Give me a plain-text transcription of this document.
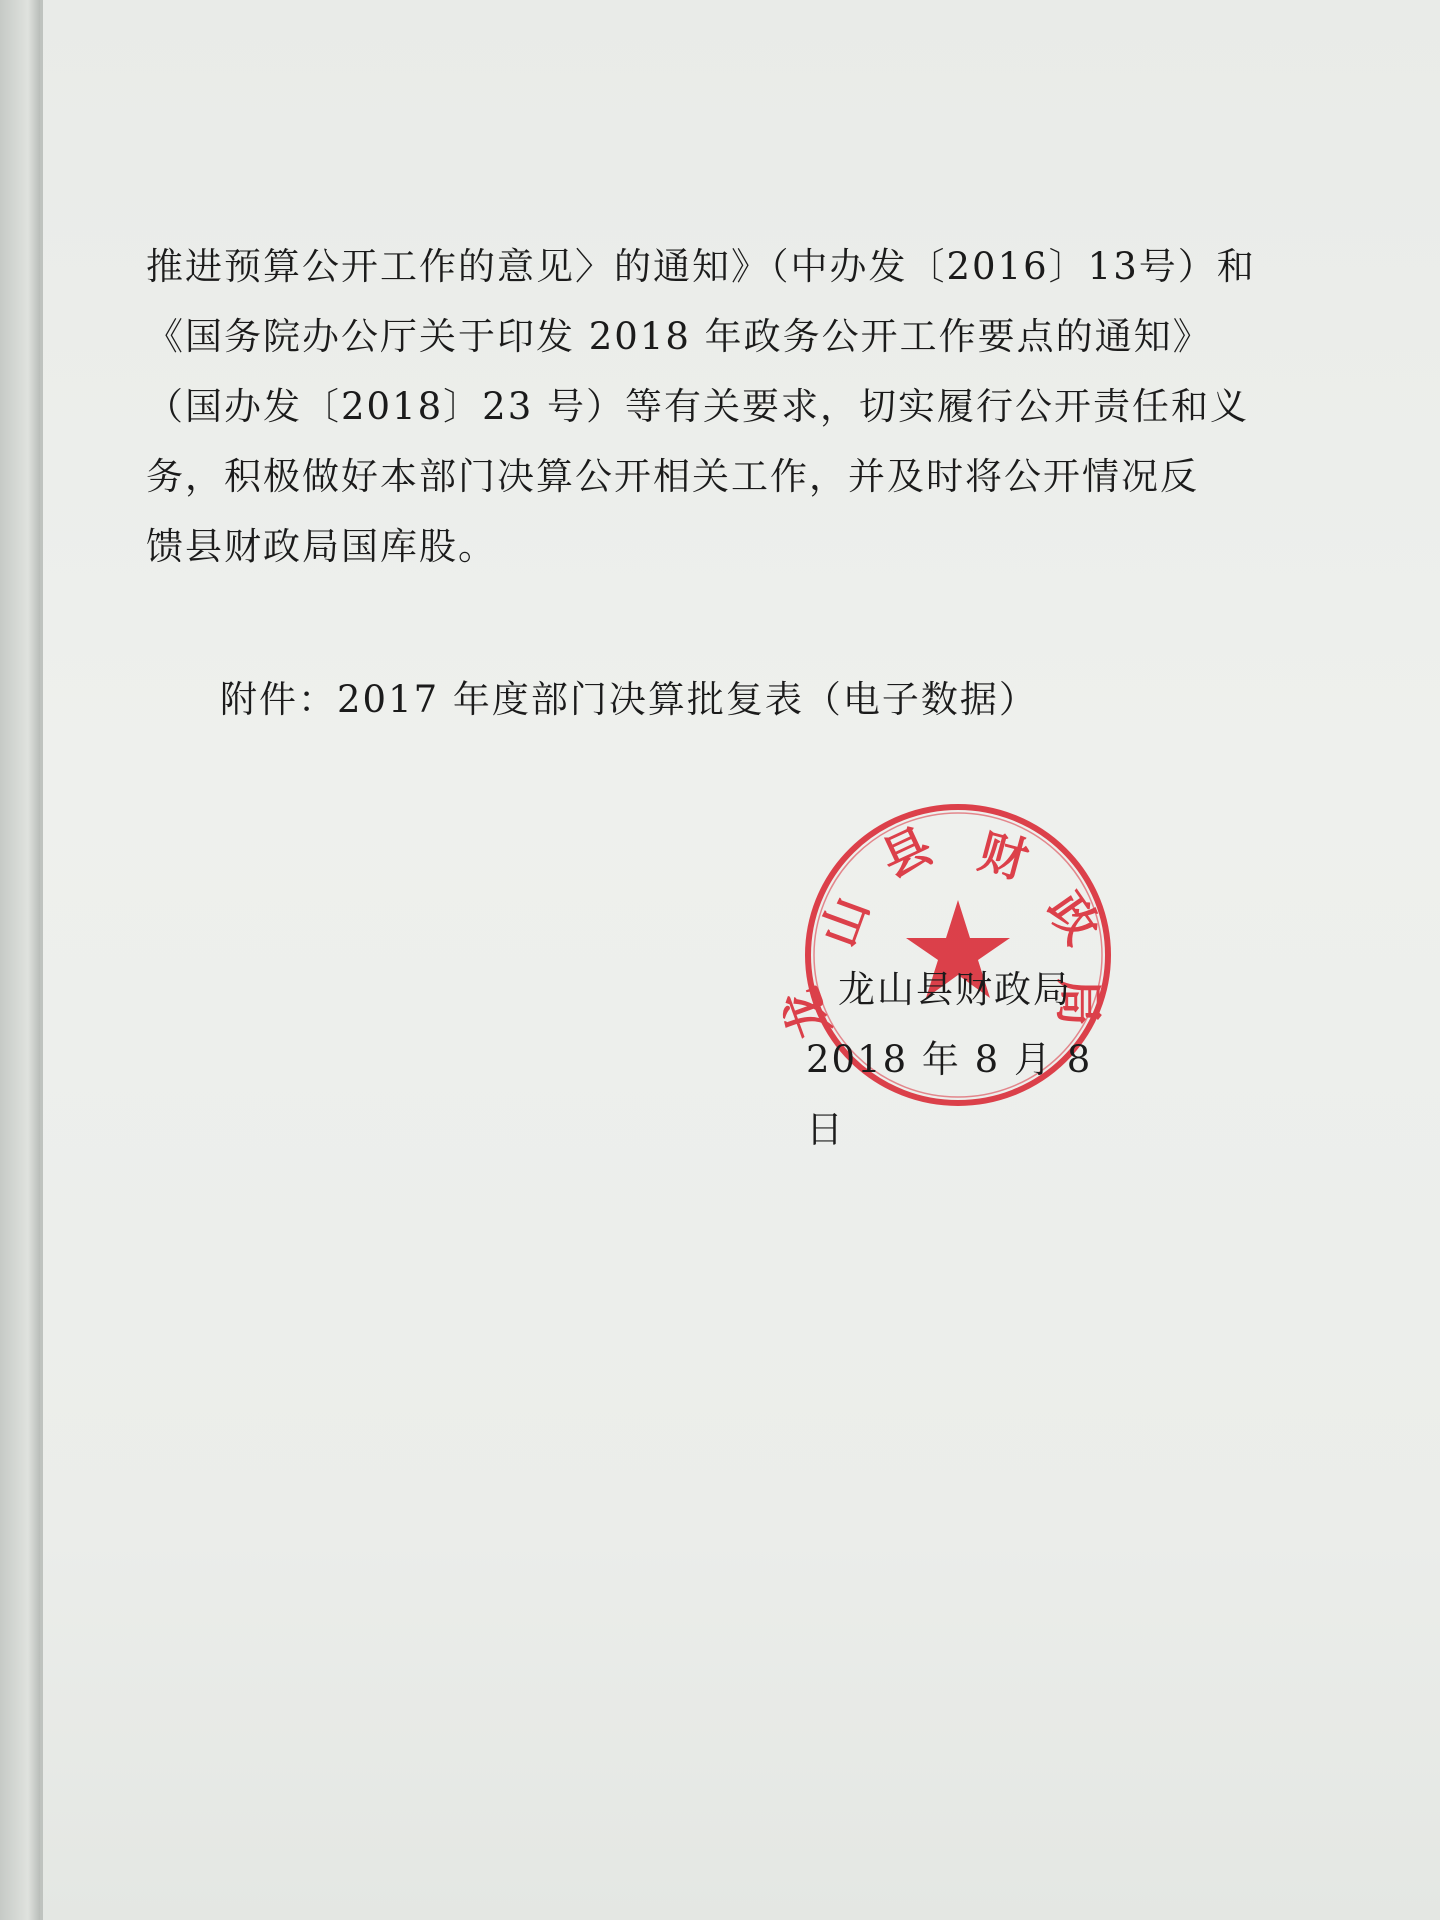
推进预算公开工作的意见〉的通知》（中办发〔2016〕13号）和
《国务院办公厅关于印发 2018 年政务公开工作要点的通知》
（国办发〔2018〕23 号）等有关要求，切实履行公开责任和义
务，积极做好本部门决算公开相关工作，并及时将公开情况反
馈县财政局国库股。
附件：2017 年度部门决算批复表（电子数据）
山
县 财
政
局
龙
龙山县财政局
2018 年 8 月 8 日
